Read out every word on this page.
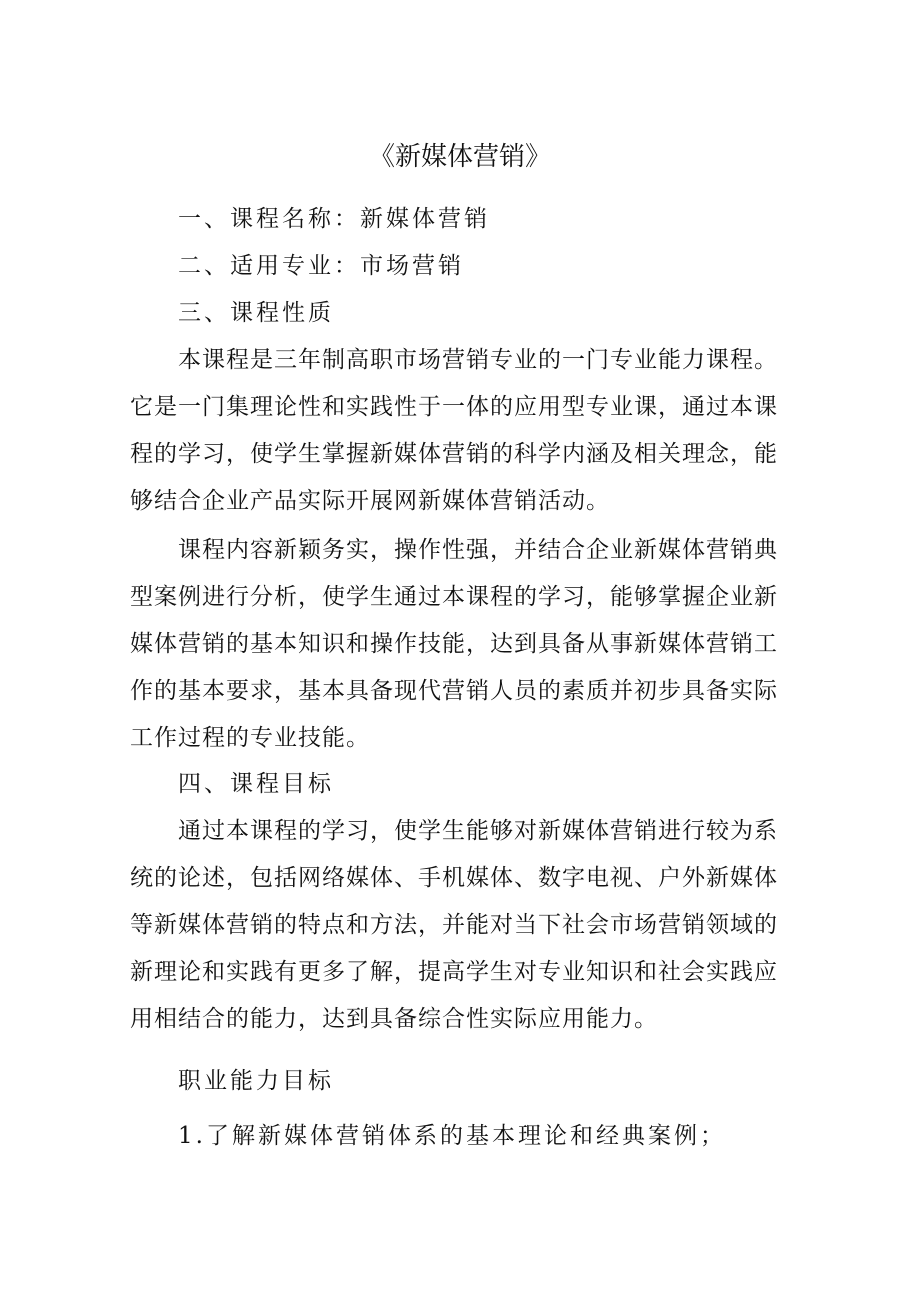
《新媒体营销》
一、课程名称：新媒体营销
二、适用专业：市场营销
三、课程性质
本课程是三年制高职市场营销专业的一门专业能力课程。
它是一门集理论性和实践性于一体的应用型专业课，通过本课
程的学习，使学生掌握新媒体营销的科学内涵及相关理念，能
够结合企业产品实际开展网新媒体营销活动。
课程内容新颖务实，操作性强，并结合企业新媒体营销典
型案例进行分析，使学生通过本课程的学习，能够掌握企业新
媒体营销的基本知识和操作技能，达到具备从事新媒体营销工
作的基本要求，基本具备现代营销人员的素质并初步具备实际
工作过程的专业技能。
四、课程目标
通过本课程的学习，使学生能够对新媒体营销进行较为系
统的论述，包括网络媒体、手机媒体、数字电视、户外新媒体
等新媒体营销的特点和方法，并能对当下社会市场营销领域的
新理论和实践有更多了解，提高学生对专业知识和社会实践应
用相结合的能力，达到具备综合性实际应用能力。
职业能力目标
1.了解新媒体营销体系的基本理论和经典案例；
